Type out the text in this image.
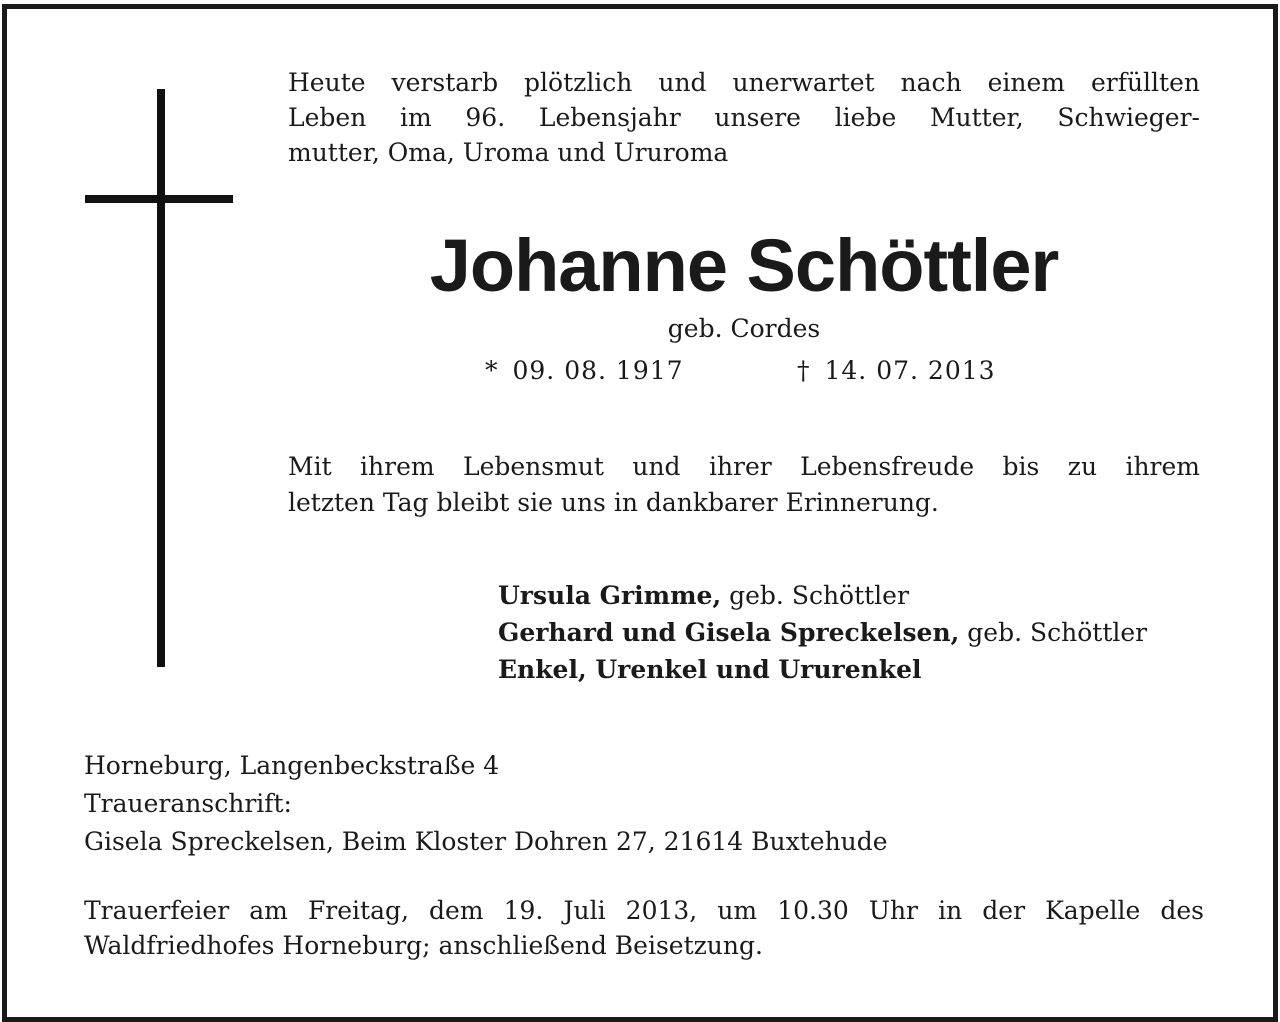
Heute verstarb plötzlich und unerwartet nach einem erfüllten
Leben im 96. Lebensjahr unsere liebe Mutter, Schwieger-
mutter, Oma, Uroma und Ururoma

Johanne Schöttler

geb. Cordes

* 09. 08. 1917	† 14. 07. 2013

Mit ihrem Lebensmut und ihrer Lebensfreude bis zu ihrem
letzten Tag bleibt sie uns in dankbarer Erinnerung.

Ursula Grimme, geb. Schöttler
Gerhard und Gisela Spreckelsen, geb. Schöttler
Enkel, Urenkel und Ururenkel

Horneburg, Langenbeckstraße 4
Traueranschrift:
Gisela Spreckelsen, Beim Kloster Dohren 27, 21614 Buxtehude

Trauerfeier am Freitag, dem 19. Juli 2013, um 10.30 Uhr in der Kapelle des
Waldfriedhofes Horneburg; anschließend Beisetzung.
